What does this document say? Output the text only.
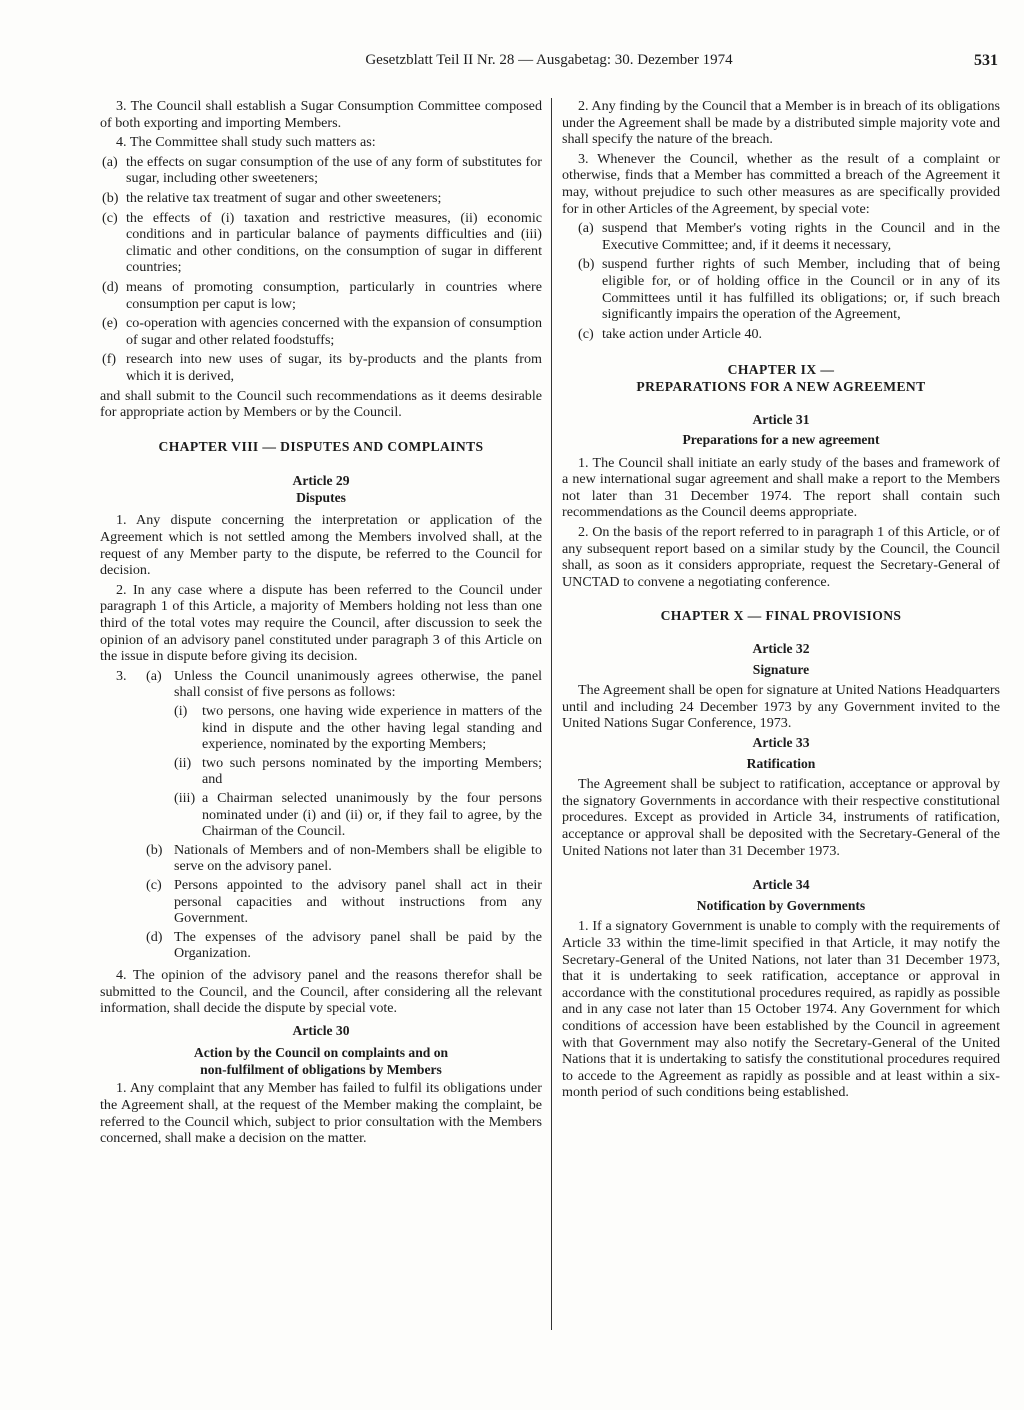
Gesetzblatt Teil II Nr. 28 — Ausgabetag: 30. Dezember 1974	531

3. The Council shall establish a Sugar Consumption Committee composed of both exporting and importing Members.

4. The Committee shall study such matters as:

(a) the effects on sugar consumption of the use of any form of substitutes for sugar, including other sweeteners;
(b) the relative tax treatment of sugar and other sweeteners;
(c) the effects of (i) taxation and restrictive measures, (ii) economic conditions and in particular balance of payments difficulties and (iii) climatic and other conditions, on the consumption of sugar in different countries;
(d) means of promoting consumption, particularly in countries where consumption per caput is low;
(e) co-operation with agencies concerned with the expansion of consumption of sugar and other related foodstuffs;
(f) research into new uses of sugar, its by-products and the plants from which it is derived,

and shall submit to the Council such recommendations as it deems desirable for appropriate action by Members or by the Council.

CHAPTER VIII — DISPUTES AND COMPLAINTS
Article 29
Disputes

1. Any dispute concerning the interpretation or application of the Agreement which is not settled among the Members involved shall, at the request of any Member party to the dispute, be referred to the Council for decision.

2. In any case where a dispute has been referred to the Council under paragraph 1 of this Article, a majority of Members holding not less than one third of the total votes may require the Council, after discussion to seek the opinion of an advisory panel constituted under paragraph 3 of this Article on the issue in dispute before giving its decision.

3.	(a) Unless the Council unanimously agrees otherwise, the panel shall consist of five persons as follows:
(i)	two persons, one having wide experience in matters of the kind in dispute and the other having legal standing and experience, nominated by the exporting Members;
(ii) two such persons nominated by the importing Members; and
(iii) a Chairman selected unanimously by the four persons nominated under (i) and (ii) or, if they fail to agree, by the Chairman of the Council.
(b) Nationals of Members and of non-Members shall be eligible to serve on the advisory panel.
(c) Persons appointed to the advisory panel shall act in their personal capacities and without instructions from any Government.
(d) The expenses of the advisory panel shall be paid by the Organization.

4. The opinion of the advisory panel and the reasons therefor shall be submitted to the Council, and the Council, after considering all the relevant information, shall decide the dispute by special vote.

Article 30
Action by the Council on complaints and on
non-fulfilment of obligations by Members

1. Any complaint that any Member has failed to fulfil its obligations under the Agreement shall, at the request of the Member making the complaint, be referred to the Council which, subject to prior consultation with the Members concerned, shall make a decision on the matter.

2. Any finding by the Council that a Member is in breach of its obligations under the Agreement shall be made by a distributed simple majority vote and shall specify the nature of the breach.

3. Whenever the Council, whether as the result of a complaint or otherwise, finds that a Member has committed a breach of the Agreement it may, without prejudice to such other measures as are specifically provided for in other Articles of the Agreement, by special vote:

(a) suspend that Member's voting rights in the Council and in the Executive Committee; and, if it deems it necessary,
(b) suspend further rights of such Member, including that of being eligible for, or of holding office in the Council or in any of its Committees until it has fulfilled its obligations; or, if such breach significantly impairs the operation of the Agreement,
(c) take action under Article 40.
CHAPTER IX —
PREPARATIONS FOR A NEW AGREEMENT
Article 31
Preparations for a new agreement

1. The Council shall initiate an early study of the bases and framework of a new international sugar agreement and shall make a report to the Members not later than 31 December 1974. The report shall contain such recommendations as the Council deems appropriate.

2. On the basis of the report referred to in paragraph 1 of this Article, or of any subsequent report based on a similar study by the Council, the Council shall, as soon as it considers appropriate, request the Secretary-General of UNCTAD to convene a negotiating conference.

CHAPTER X — FINAL PROVISIONS
Article 32
Signature

The Agreement shall be open for signature at United Nations Headquarters until and including 24 December 1973 by any Government invited to the United Nations Sugar Conference, 1973.

Article 33
Ratification

The Agreement shall be subject to ratification, acceptance or approval by the signatory Governments in accordance with their respective constitutional procedures. Except as provided in Article 34, instruments of ratification, acceptance or approval shall be deposited with the Secretary-General of the United Nations not later than 31 December 1973.

Article 34
Notification by Governments

1. If a signatory Government is unable to comply with the requirements of Article 33 within the time-limit specified in that Article, it may notify the Secretary-General of the United Nations, not later than 31 December 1973, that it is undertaking to seek ratification, acceptance or approval in accordance with the constitutional procedures required, as rapidly as possible and in any case not later than 15 October 1974. Any Government for which conditions of accession have been established by the Council in agreement with that Government may also notify the Secretary-General of the United Nations that it is undertaking to satisfy the constitutional procedures required to accede to the Agreement as rapidly as possible and at least within a six-month period of such conditions being established.
